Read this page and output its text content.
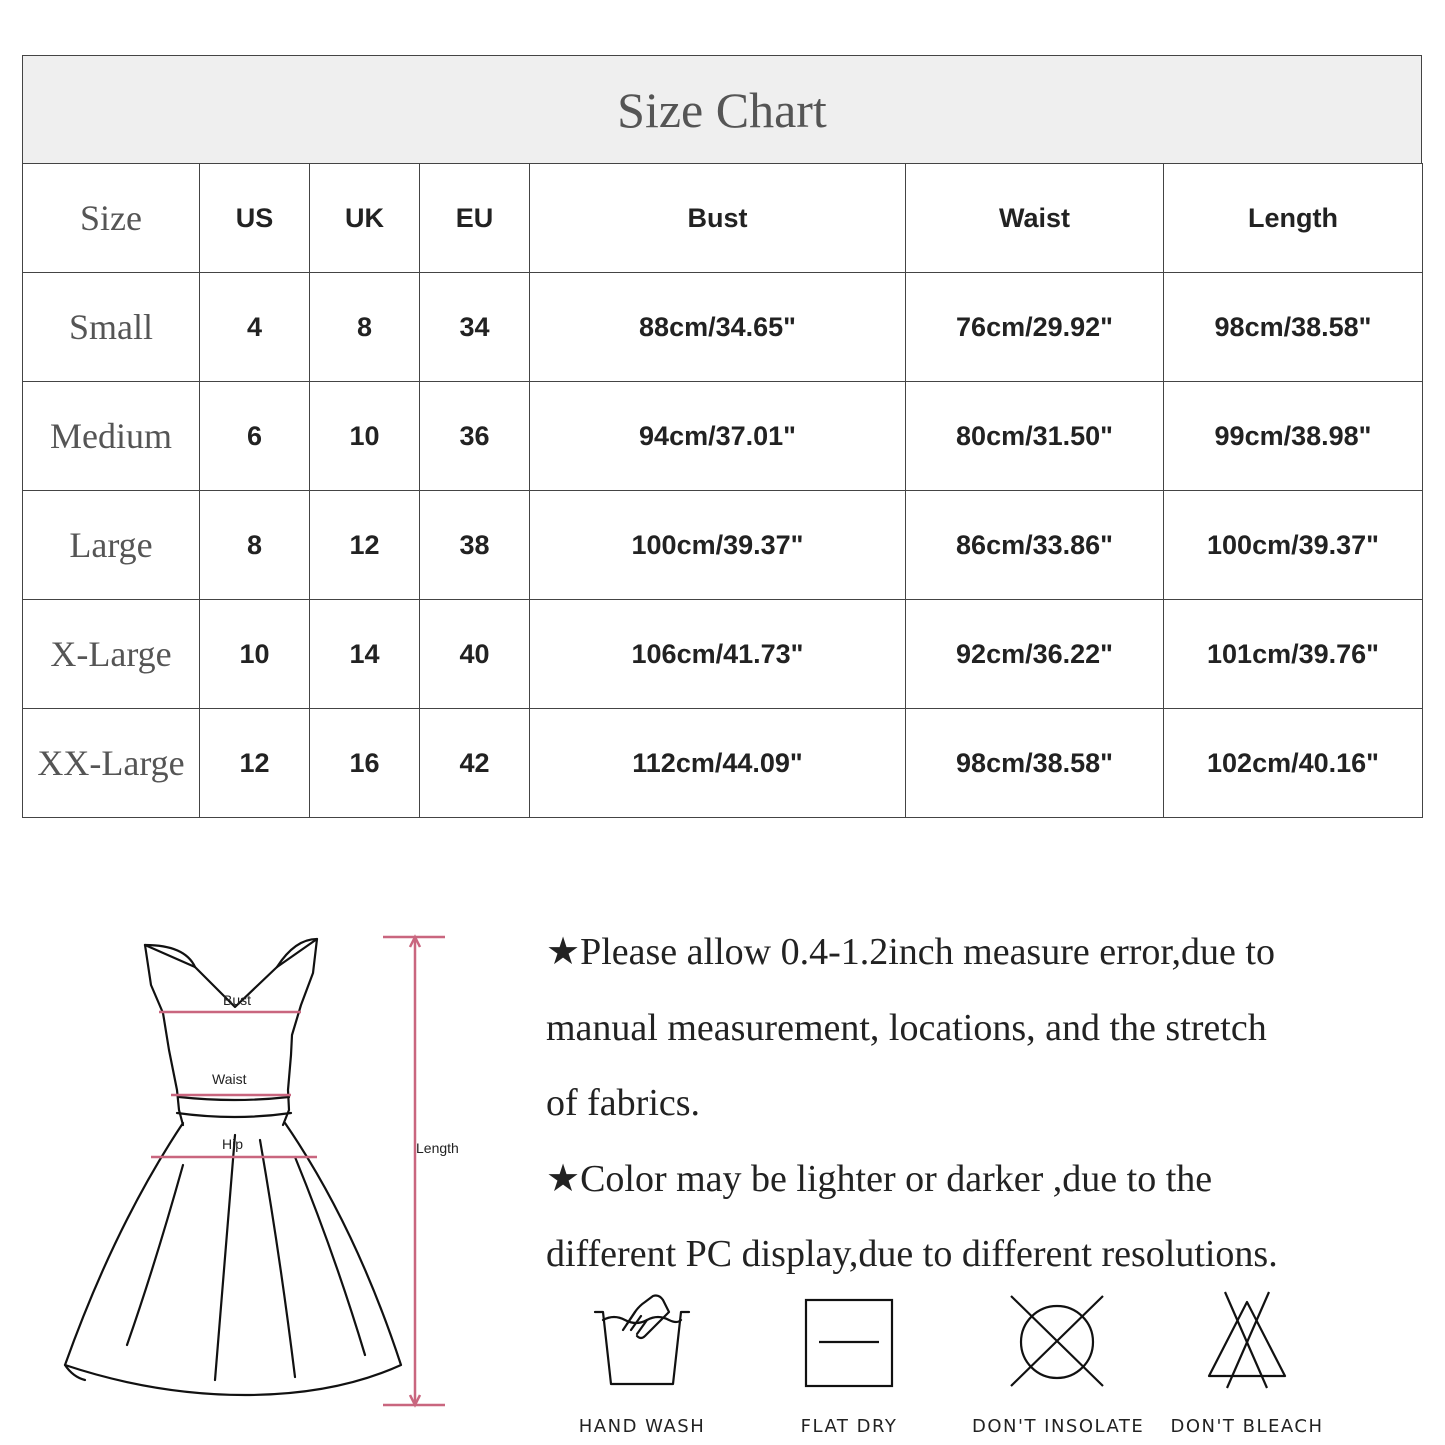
Size Chart
Size	US	UK	EU	Bust	Waist	Length
Small	4	8	34	88cm/34.65"	76cm/29.92"	98cm/38.58"
Medium	6	10	36	94cm/37.01"	80cm/31.50"	99cm/38.98"
Large	8	12	38	100cm/39.37"	86cm/33.86"	100cm/39.37"
X-Large	10	14	40	106cm/41.73"	92cm/36.22"	101cm/39.76"
XX-Large	12	16	42	112cm/44.09"	98cm/38.58"	102cm/40.16"
Bust
Waist
Hip	Length
★Please allow 0.4-1.2inch measure error,due to
manual measurement, locations, and the stretch
of fabrics.
★Color may be lighter or darker ,due to the
different PC display,due to different resolutions.
HAND WASH	FLAT DRY	DON'T INSOLATE	DON'T BLEACH
